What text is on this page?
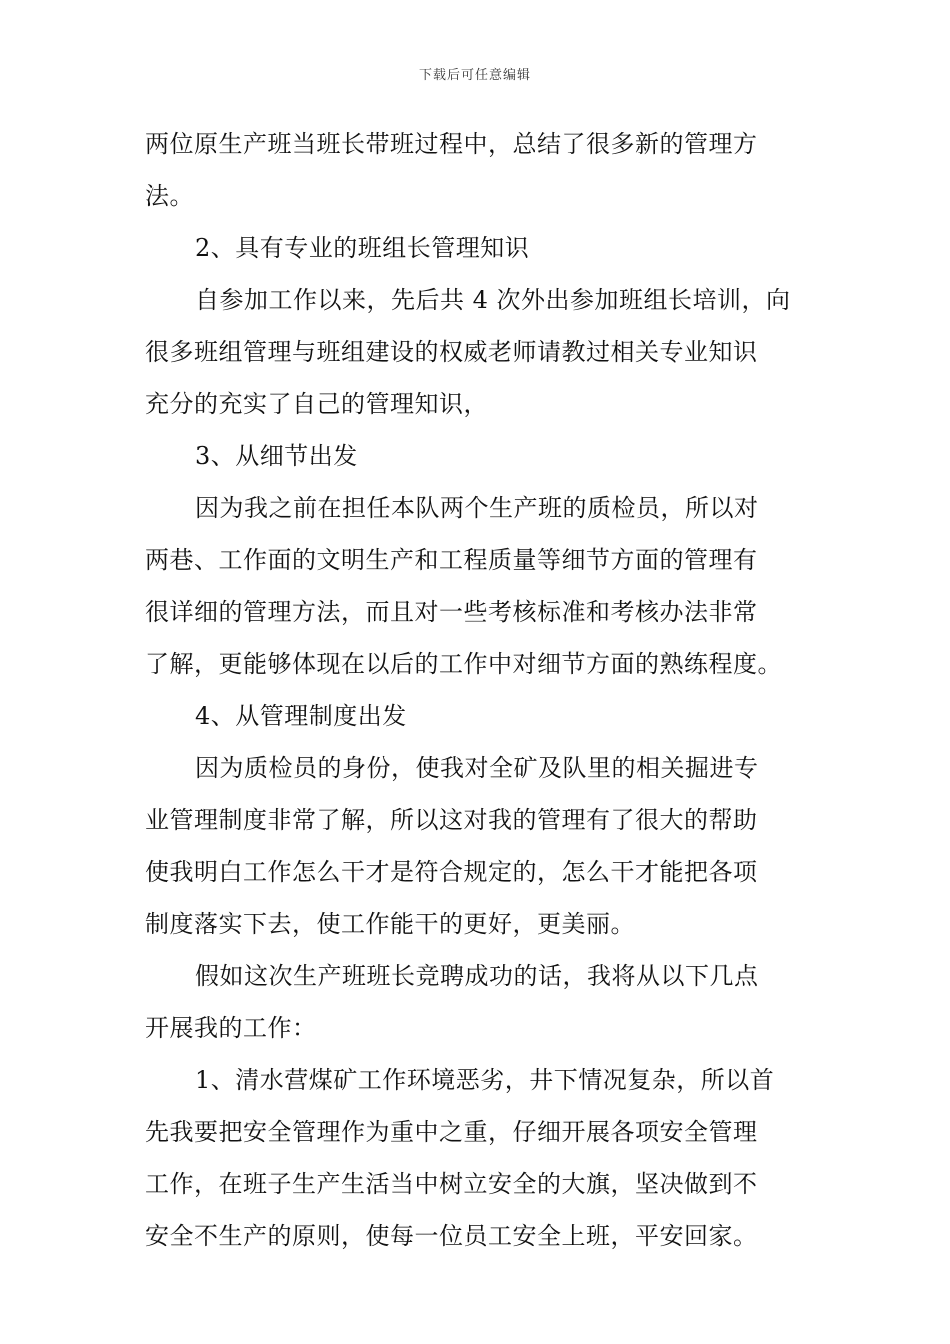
下载后可任意编辑
两位原生产班当班长带班过程中，总结了很多新的管理方
法。
2、具有专业的班组长管理知识
自参加工作以来，先后共 4 次外出参加班组长培训，向
很多班组管理与班组建设的权威老师请教过相关专业知识
充分的充实了自己的管理知识，
3、从细节出发
因为我之前在担任本队两个生产班的质检员，所以对
两巷、工作面的文明生产和工程质量等细节方面的管理有
很详细的管理方法，而且对一些考核标准和考核办法非常
了解，更能够体现在以后的工作中对细节方面的熟练程度。
4、从管理制度出发
因为质检员的身份，使我对全矿及队里的相关掘进专
业管理制度非常了解，所以这对我的管理有了很大的帮助
使我明白工作怎么干才是符合规定的，怎么干才能把各项
制度落实下去，使工作能干的更好，更美丽。
假如这次生产班班长竞聘成功的话，我将从以下几点
开展我的工作：
1、清水营煤矿工作环境恶劣，井下情况复杂，所以首
先我要把安全管理作为重中之重，仔细开展各项安全管理
工作，在班子生产生活当中树立安全的大旗，坚决做到不
安全不生产的原则，使每一位员工安全上班，平安回家。
